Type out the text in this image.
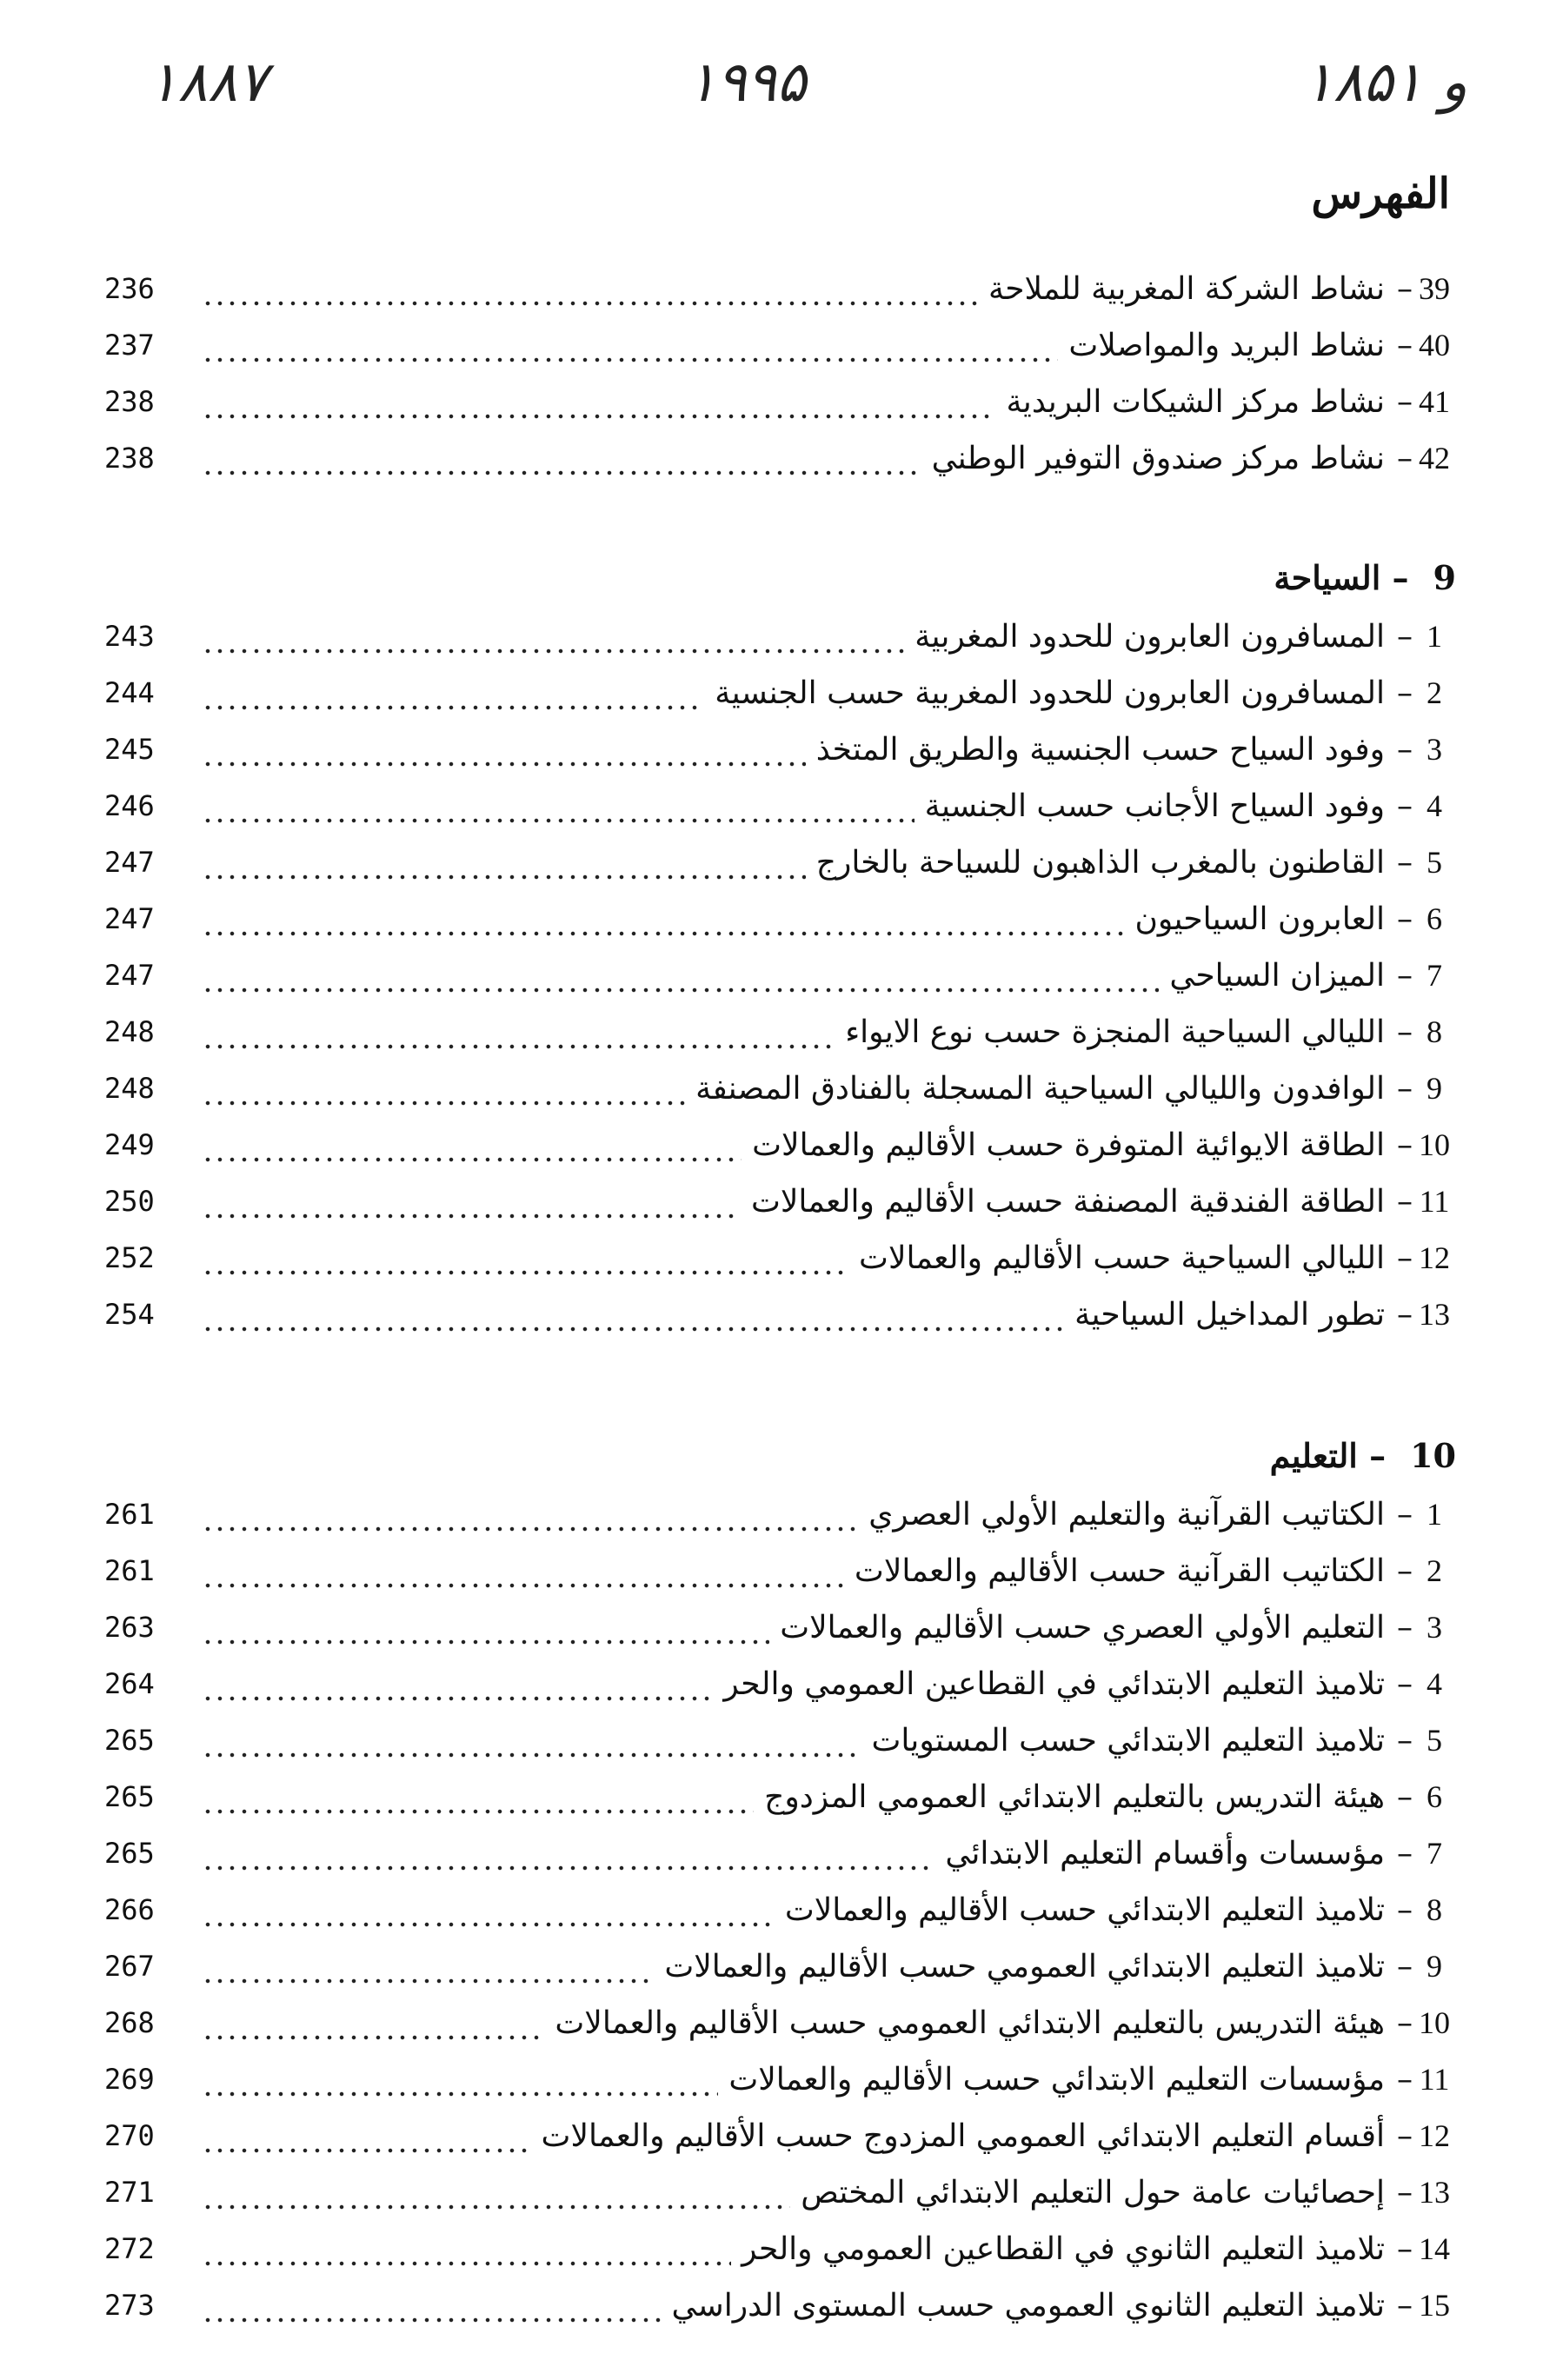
۱۸۸۷	۱۹۹۵	۱۸۵۱ و
الفهرس
39
–
نشاط الشركة المغربية للملاحة
236
40
–
نشاط البريد والمواصلات
237
41
–
نشاط مركز الشيكات البريدية
238
42
–
نشاط مركز صندوق التوفير الوطني
238
9– السياحة
1
–
المسافرون العابرون للحدود المغربية
243
2
–
المسافرون العابرون للحدود المغربية حسب الجنسية
244
3
–
وفود السياح حسب الجنسية والطريق المتخذ
245
4
–
وفود السياح الأجانب حسب الجنسية
246
5
–
القاطنون بالمغرب الذاهبون للسياحة بالخارج
247
6
–
العابرون السياحيون
247
7
–
الميزان السياحي
247
8
–
الليالي السياحية المنجزة حسب نوع الايواء
248
9
–
الوافدون والليالي السياحية المسجلة بالفنادق المصنفة
248
10
–
الطاقة الايوائية المتوفرة حسب الأقاليم والعمالات
249
11
–
الطاقة الفندقية المصنفة حسب الأقاليم والعمالات
250
12
–
الليالي السياحية حسب الأقاليم والعمالات
252
13
–
تطور المداخيل السياحية
254
10– التعليم
1
–
الكتاتيب القرآنية والتعليم الأولي العصري
261
2
–
الكتاتيب القرآنية حسب الأقاليم والعمالات
261
3
–
التعليم الأولي العصري حسب الأقاليم والعمالات
263
4
–
تلاميذ التعليم الابتدائي في القطاعين العمومي والحر
264
5
–
تلاميذ التعليم الابتدائي حسب المستويات
265
6
–
هيئة التدريس بالتعليم الابتدائي العمومي المزدوج
265
7
–
مؤسسات وأقسام التعليم الابتدائي
265
8
–
تلاميذ التعليم الابتدائي حسب الأقاليم والعمالات
266
9
–
تلاميذ التعليم الابتدائي العمومي حسب الأقاليم والعمالات
267
10
–
هيئة التدريس بالتعليم الابتدائي العمومي حسب الأقاليم والعمالات
268
11
–
مؤسسات التعليم الابتدائي حسب الأقاليم والعمالات
269
12
–
أقسام التعليم الابتدائي العمومي المزدوج حسب الأقاليم والعمالات
270
13
–
إحصائيات عامة حول التعليم الابتدائي المختص
271
14
–
تلاميذ التعليم الثانوي في القطاعين العمومي والحر
272
15
–
تلاميذ التعليم الثانوي العمومي حسب المستوى الدراسي
273
